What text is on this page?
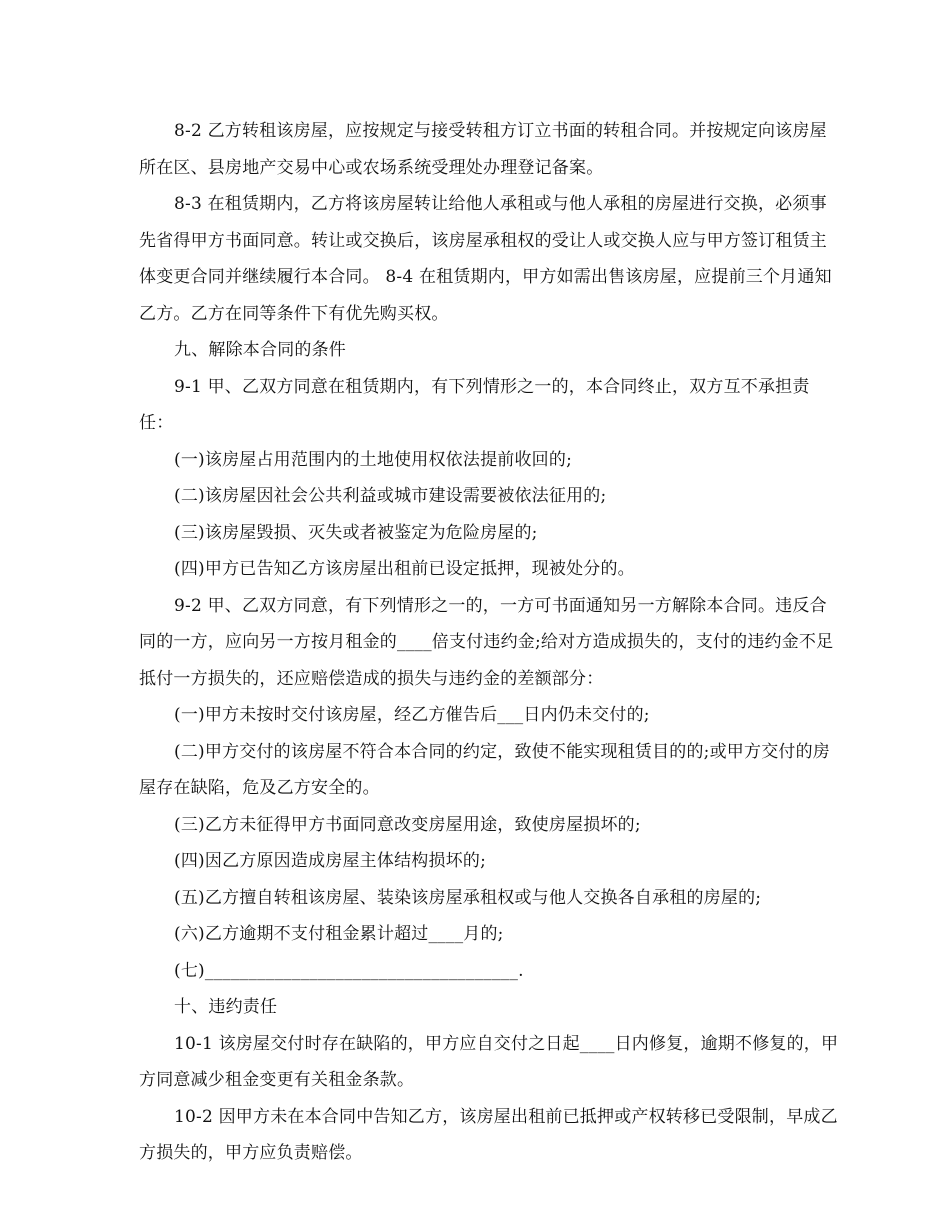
8-2 乙方转租该房屋，应按规定与接受转租方订立书面的转租合同。并按规定向该房屋所在区、县房地产交易中心或农场系统受理处办理登记备案。

8-3 在租赁期内，乙方将该房屋转让给他人承租或与他人承租的房屋进行交换，必须事先省得甲方书面同意。转让或交换后，该房屋承租权的受让人或交换人应与甲方签订租赁主体变更合同并继续履行本合同。 8-4 在租赁期内，甲方如需出售该房屋，应提前三个月通知乙方。乙方在同等条件下有优先购买权。

九、解除本合同的条件

9-1 甲、乙双方同意在租赁期内，有下列情形之一的，本合同终止，双方互不承担责任：

(一)该房屋占用范围内的土地使用权依法提前收回的;

(二)该房屋因社会公共利益或城市建设需要被依法征用的;

(三)该房屋毁损、灭失或者被鉴定为危险房屋的;

(四)甲方已告知乙方该房屋出租前已设定抵押，现被处分的。

9-2 甲、乙双方同意，有下列情形之一的，一方可书面通知另一方解除本合同。违反合同的一方，应向另一方按月租金的____倍支付违约金;给对方造成损失的，支付的违约金不足抵付一方损失的，还应赔偿造成的损失与违约金的差额部分：

(一)甲方未按时交付该房屋，经乙方催告后___日内仍未交付的;

(二)甲方交付的该房屋不符合本合同的约定，致使不能实现租赁目的的;或甲方交付的房屋存在缺陷，危及乙方安全的。

(三)乙方未征得甲方书面同意改变房屋用途，致使房屋损坏的;

(四)因乙方原因造成房屋主体结构损坏的;

(五)乙方擅自转租该房屋、装染该房屋承租权或与他人交换各自承租的房屋的;

(六)乙方逾期不支付租金累计超过____月的;

(七)____________________________________.

十、违约责任

10-1 该房屋交付时存在缺陷的，甲方应自交付之日起____日内修复，逾期不修复的，甲方同意减少租金变更有关租金条款。

10-2 因甲方未在本合同中告知乙方，该房屋出租前已抵押或产权转移已受限制，早成乙方损失的，甲方应负责赔偿。
